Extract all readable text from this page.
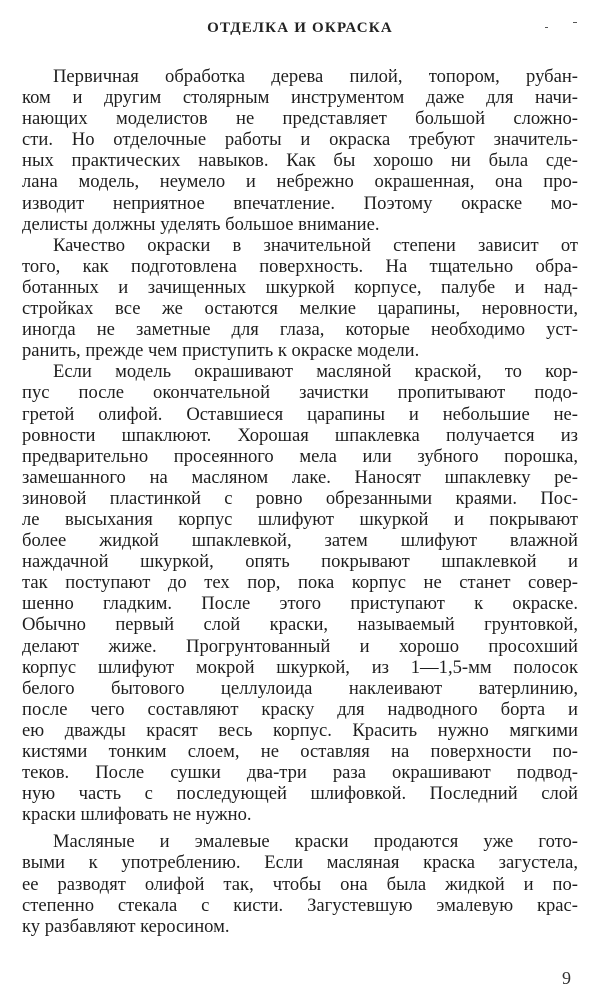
ОТДЕЛКА И ОКРАСКА
Первичная обработка дерева пилой, топором, рубан-
ком и другим столярным инструментом даже для начи-
нающих моделистов не представляет большой сложно-
сти. Но отделочные работы и окраска требуют значитель-
ных практических навыков. Как бы хорошо ни была сде-
лана модель, неумело и небрежно окрашенная, она про-
изводит неприятное впечатление. Поэтому окраске мо-
делисты должны уделять большое внимание.
Качество окраски в значительной степени зависит от
того, как подготовлена поверхность. На тщательно обра-
ботанных и зачищенных шкуркой корпусе, палубе и над-
стройках все же остаются мелкие царапины, неровности,
иногда не заметные для глаза, которые необходимо уст-
ранить, прежде чем приступить к окраске модели.
Если модель окрашивают масляной краской, то кор-
пус после окончательной зачистки пропитывают подо-
гретой олифой. Оставшиеся царапины и небольшие не-
ровности шпаклюют. Хорошая шпаклевка получается из
предварительно просеянного мела или зубного порошка,
замешанного на масляном лаке. Наносят шпаклевку ре-
зиновой пластинкой с ровно обрезанными краями. Пос-
ле высыхания корпус шлифуют шкуркой и покрывают
более жидкой шпаклевкой, затем шлифуют влажной
наждачной шкуркой, опять покрывают шпаклевкой и
так поступают до тех пор, пока корпус не станет совер-
шенно гладким. После этого приступают к окраске.
Обычно первый слой краски, называемый грунтовкой,
делают жиже. Прогрунтованный и хорошо просохший
корпус шлифуют мокрой шкуркой, из 1—1,5-мм полосок
белого бытового целлулоида наклеивают ватерлинию,
после чего составляют краску для надводного борта и
ею дважды красят весь корпус. Красить нужно мягкими
кистями тонким слоем, не оставляя на поверхности по-
теков. После сушки два-три раза окрашивают подвод-
ную часть с последующей шлифовкой. Последний слой
краски шлифовать не нужно.
Масляные и эмалевые краски продаются уже гото-
выми к употреблению. Если масляная краска загустела,
ее разводят олифой так, чтобы она была жидкой и по-
степенно стекала с кисти. Загустевшую эмалевую крас-
ку разбавляют керосином.
9
